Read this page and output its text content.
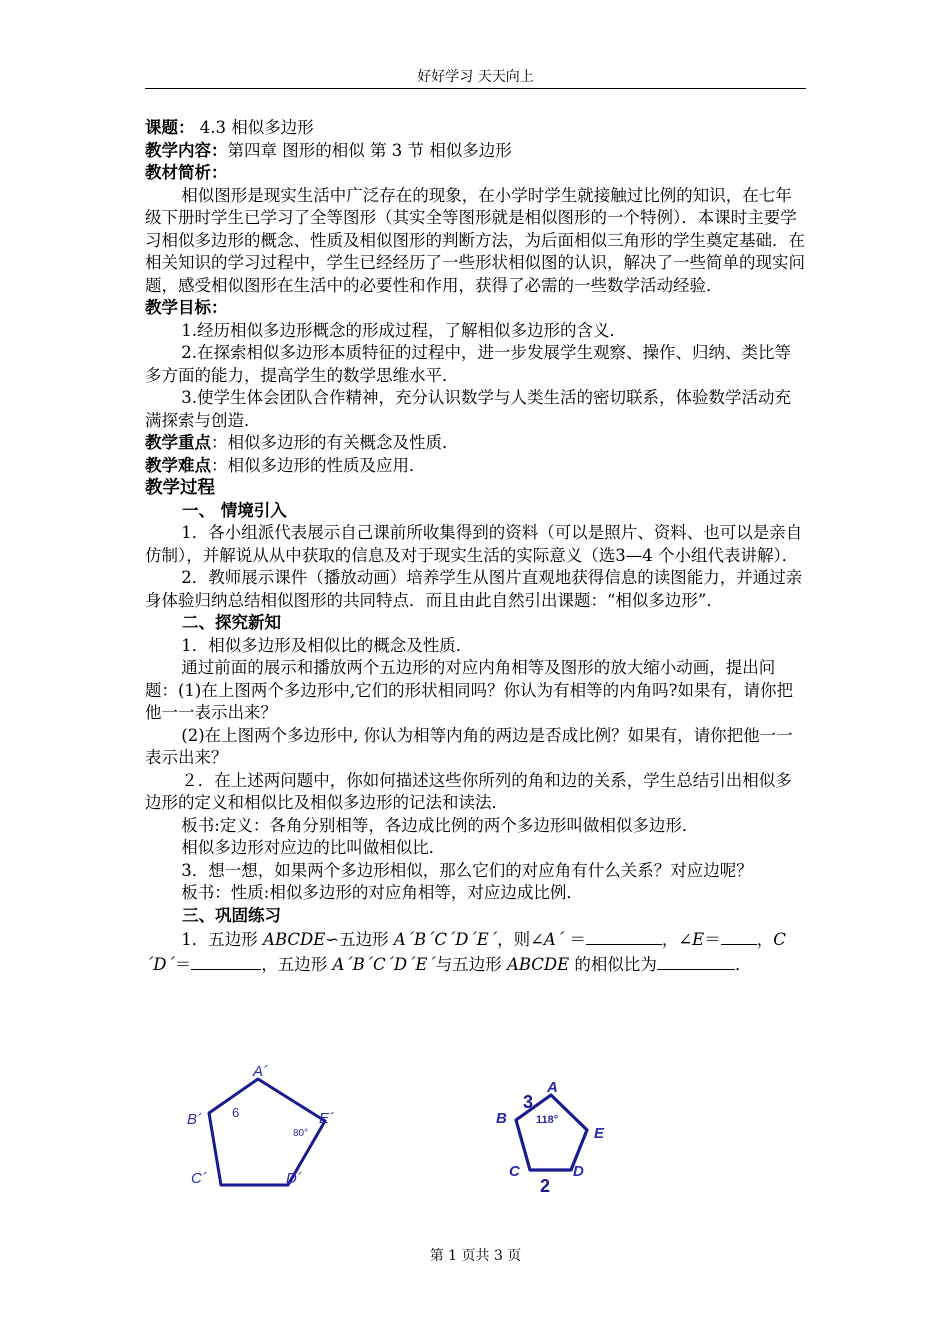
好好学习 天天向上

课题： 4.3 相似多边形

教学内容：第四章 图形的相似 第 3 节 相似多边形

教材简析：

相似图形是现实生活中广泛存在的现象，在小学时学生就接触过比例的知识，在七年级下册时学生已学习了全等图形（其实全等图形就是相似图形的一个特例）．本课时主要学习相似多边形的概念、性质及相似图形的判断方法，为后面相似三角形的学生奠定基础．在相关知识的学习过程中，学生已经经历了一些形状相似图的认识，解决了一些简单的现实问题，感受相似图形在生活中的必要性和作用，获得了必需的一些数学活动经验．

教学目标：

1.经历相似多边形概念的形成过程，了解相似多边形的含义．

2.在探索相似多边形本质特征的过程中，进一步发展学生观察、操作、归纳、类比等多方面的能力，提高学生的数学思维水平．

3.使学生体会团队合作精神，充分认识数学与人类生活的密切联系，体验数学活动充满探索与创造．

教学重点：相似多边形的有关概念及性质．

教学难点：相似多边形的性质及应用．

教学过程

一、 情境引入

1．各小组派代表展示自己课前所收集得到的资料（可以是照片、资料、也可以是亲自仿制），并解说从从中获取的信息及对于现实生活的实际意义（选3—4 个小组代表讲解）．

2．教师展示课件（播放动画）培养学生从图片直观地获得信息的读图能力，并通过亲身体验归纳总结相似图形的共同特点．而且由此自然引出课题：“相似多边形”．

二、探究新知

1．相似多边形及相似比的概念及性质．

通过前面的展示和播放两个五边形的对应内角相等及图形的放大缩小动画，提出问题：(1)在上图两个多边形中,它们的形状相同吗？你认为有相等的内角吗?如果有，请你把他一一表示出来？

(2)在上图两个多边形中, 你认为相等内角的两边是否成比例？如果有，请你把他一一表示出来？

２．在上述两问题中，你如何描述这些你所列的角和边的关系，学生总结引出相似多边形的定义和相似比及相似多边形的记法和读法．

板书:定义：各角分别相等，各边成比例的两个多边形叫做相似多边形．

相似多边形对应边的比叫做相似比．

3．想一想，如果两个多边形相似，那么它们的对应角有什么关系？对应边呢？

板书：性质:相似多边形的对应角相等，对应边成比例．

三、巩固练习

1．五边形 ABCDE∽五边形 A´B´C´D´E´，则∠A´ ＝	，∠E＝ ，C´D´＝	，五边形 A´B´C´D´E´与五边形 ABCDE 的相似比为	．

A´
B´
C´	D´
E´
6
80°
A
B
C	D
E
3
2
118°
第 1 页共 3 页
